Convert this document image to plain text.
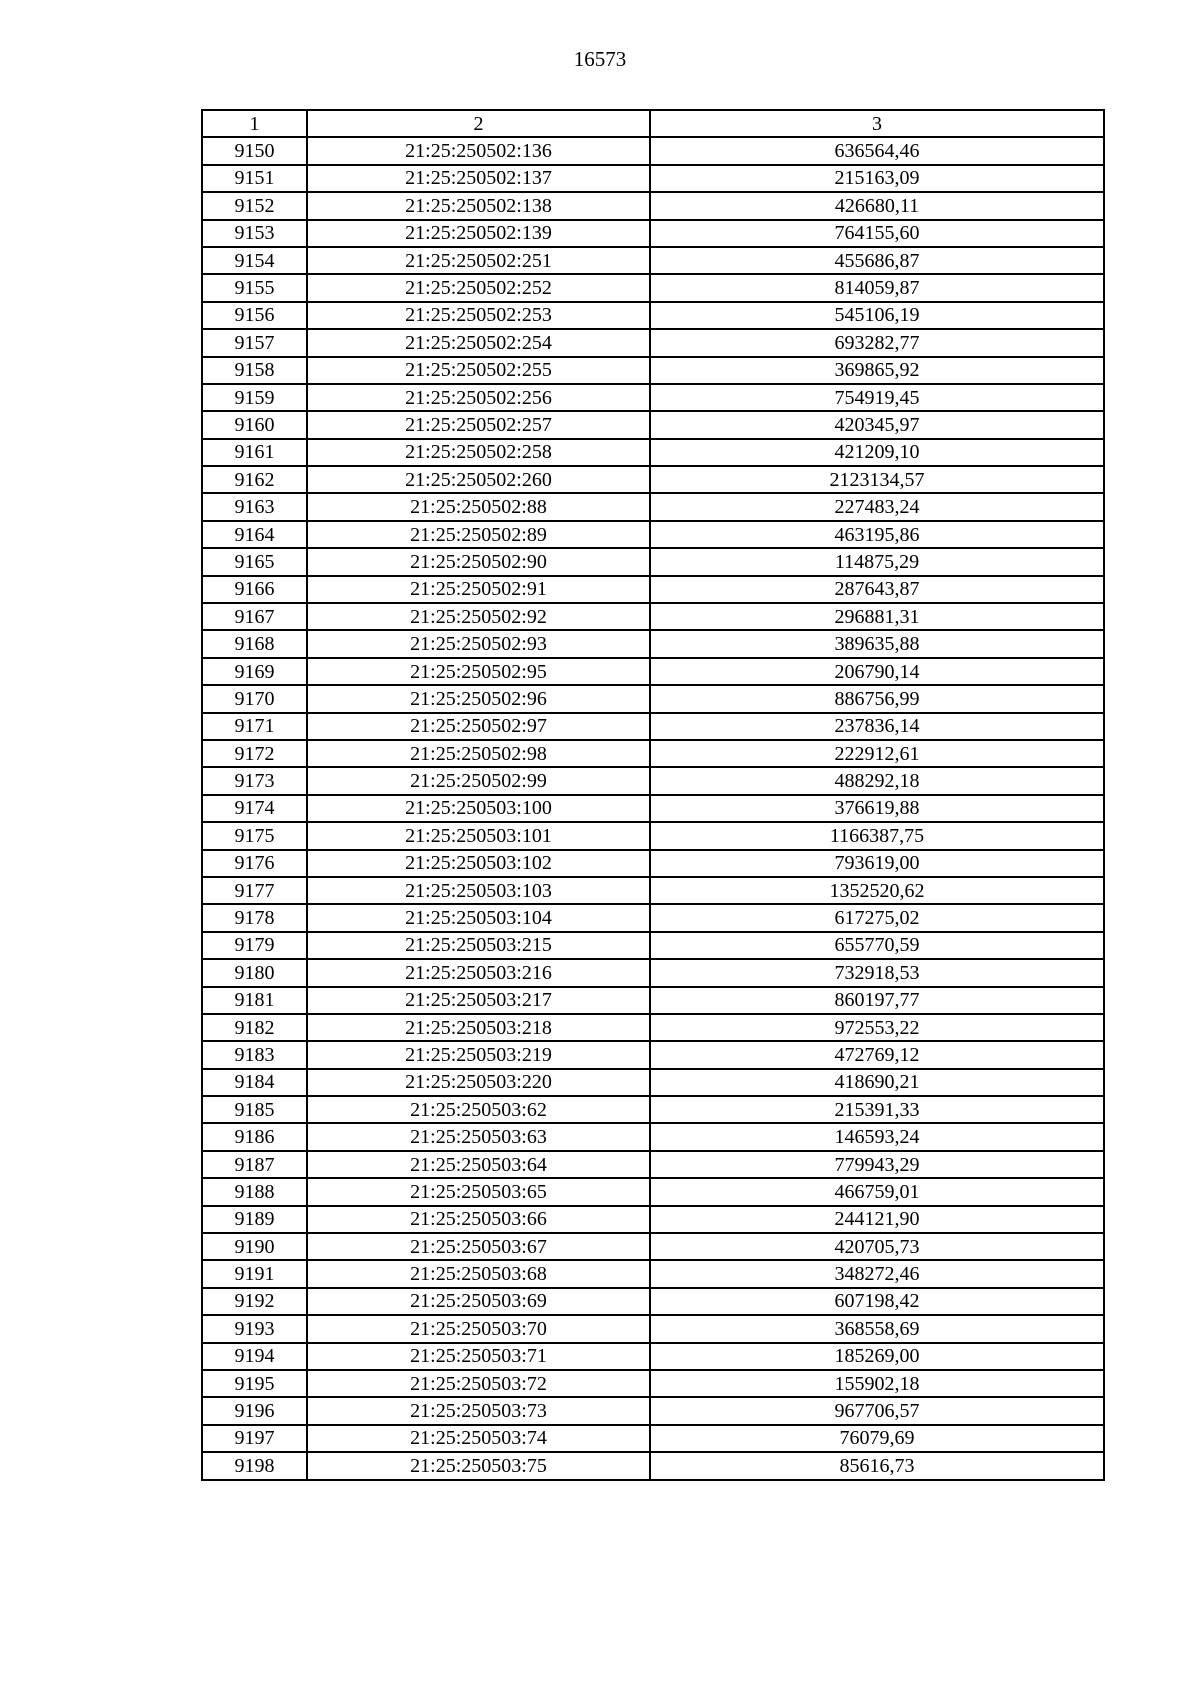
16573
1	2	3
9150	21:25:250502:136	636564,46
9151	21:25:250502:137	215163,09
9152	21:25:250502:138	426680,11
9153	21:25:250502:139	764155,60
9154	21:25:250502:251	455686,87
9155	21:25:250502:252	814059,87
9156	21:25:250502:253	545106,19
9157	21:25:250502:254	693282,77
9158	21:25:250502:255	369865,92
9159	21:25:250502:256	754919,45
9160	21:25:250502:257	420345,97
9161	21:25:250502:258	421209,10
9162	21:25:250502:260	2123134,57
9163	21:25:250502:88	227483,24
9164	21:25:250502:89	463195,86
9165	21:25:250502:90	114875,29
9166	21:25:250502:91	287643,87
9167	21:25:250502:92	296881,31
9168	21:25:250502:93	389635,88
9169	21:25:250502:95	206790,14
9170	21:25:250502:96	886756,99
9171	21:25:250502:97	237836,14
9172	21:25:250502:98	222912,61
9173	21:25:250502:99	488292,18
9174	21:25:250503:100	376619,88
9175	21:25:250503:101	1166387,75
9176	21:25:250503:102	793619,00
9177	21:25:250503:103	1352520,62
9178	21:25:250503:104	617275,02
9179	21:25:250503:215	655770,59
9180	21:25:250503:216	732918,53
9181	21:25:250503:217	860197,77
9182	21:25:250503:218	972553,22
9183	21:25:250503:219	472769,12
9184	21:25:250503:220	418690,21
9185	21:25:250503:62	215391,33
9186	21:25:250503:63	146593,24
9187	21:25:250503:64	779943,29
9188	21:25:250503:65	466759,01
9189	21:25:250503:66	244121,90
9190	21:25:250503:67	420705,73
9191	21:25:250503:68	348272,46
9192	21:25:250503:69	607198,42
9193	21:25:250503:70	368558,69
9194	21:25:250503:71	185269,00
9195	21:25:250503:72	155902,18
9196	21:25:250503:73	967706,57
9197	21:25:250503:74	76079,69
9198	21:25:250503:75	85616,73
